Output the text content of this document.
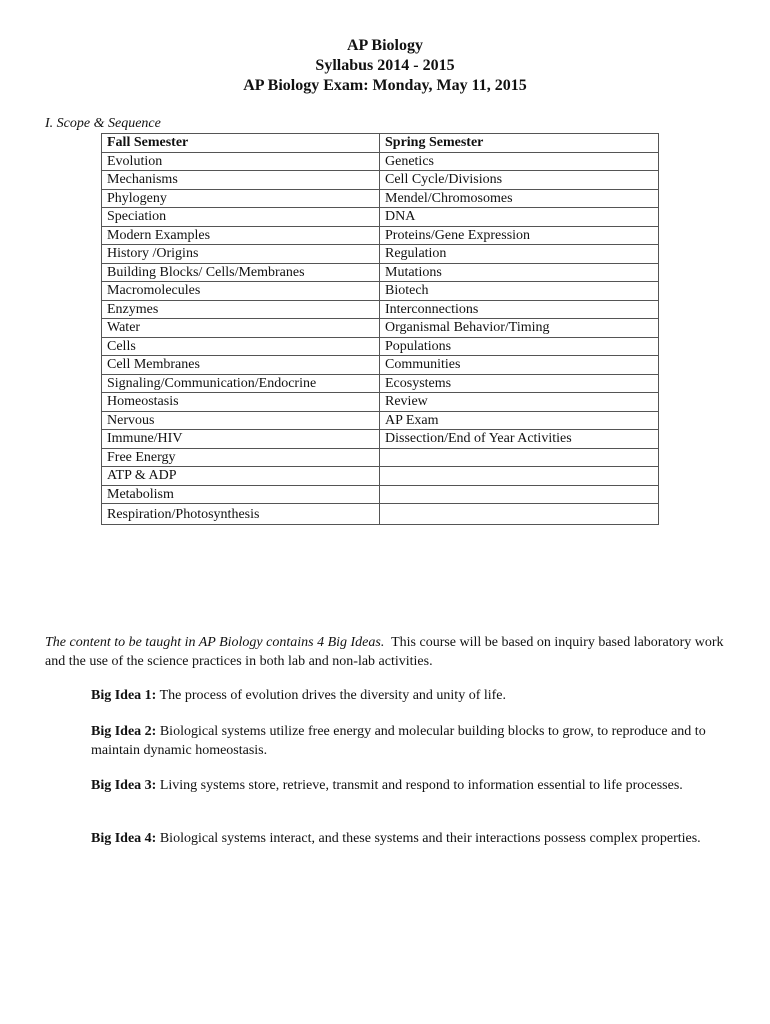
AP Biology
Syllabus 2014 - 2015
AP Biology Exam: Monday, May 11, 2015
I. Scope & Sequence
Fall Semester	Spring Semester
Evolution	Genetics
Mechanisms	Cell Cycle/Divisions
Phylogeny	Mendel/Chromosomes
Speciation	DNA
Modern Examples	Proteins/Gene Expression
History /Origins	Regulation
Building Blocks/ Cells/Membranes	Mutations
Macromolecules	Biotech
Enzymes	Interconnections
Water	Organismal Behavior/Timing
Cells	Populations
Cell Membranes	Communities
Signaling/Communication/Endocrine	Ecosystems
Homeostasis	Review
Nervous	AP Exam
Immune/HIV	Dissection/End of Year Activities
Free Energy	
ATP & ADP	
Metabolism	
Respiration/Photosynthesis	

The content to be taught in AP Biology contains 4 Big Ideas. This course will be based on inquiry based laboratory work and the use of the science practices in both lab and non-lab activities.

Big Idea 1: The process of evolution drives the diversity and unity of life.

Big Idea 2: Biological systems utilize free energy and molecular building blocks to grow, to reproduce and to maintain dynamic homeostasis.

Big Idea 3: Living systems store, retrieve, transmit and respond to information essential to life processes.

Big Idea 4: Biological systems interact, and these systems and their interactions possess complex properties.
